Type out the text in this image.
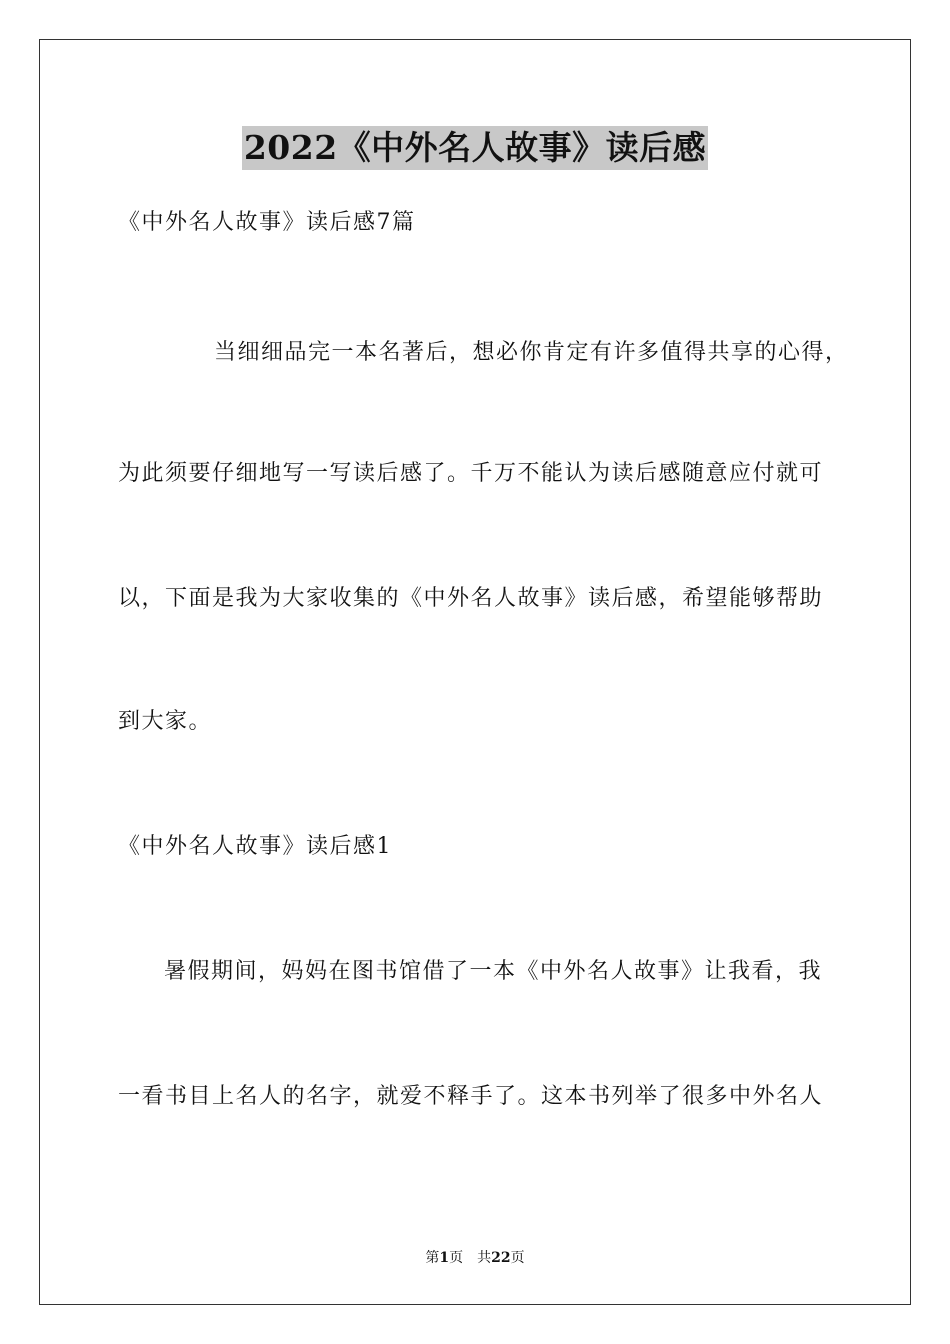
2022《中外名人故事》读后感
《中外名人故事》读后感7篇
当细细品完一本名著后，想必你肯定有许多值得共享的心得，
为此须要仔细地写一写读后感了。千万不能认为读后感随意应付就可
以，下面是我为大家收集的《中外名人故事》读后感，希望能够帮助
到大家。
《中外名人故事》读后感1
暑假期间，妈妈在图书馆借了一本《中外名人故事》让我看，我
一看书目上名人的名字，就爱不释手了。这本书列举了很多中外名人
第1页 共22页
